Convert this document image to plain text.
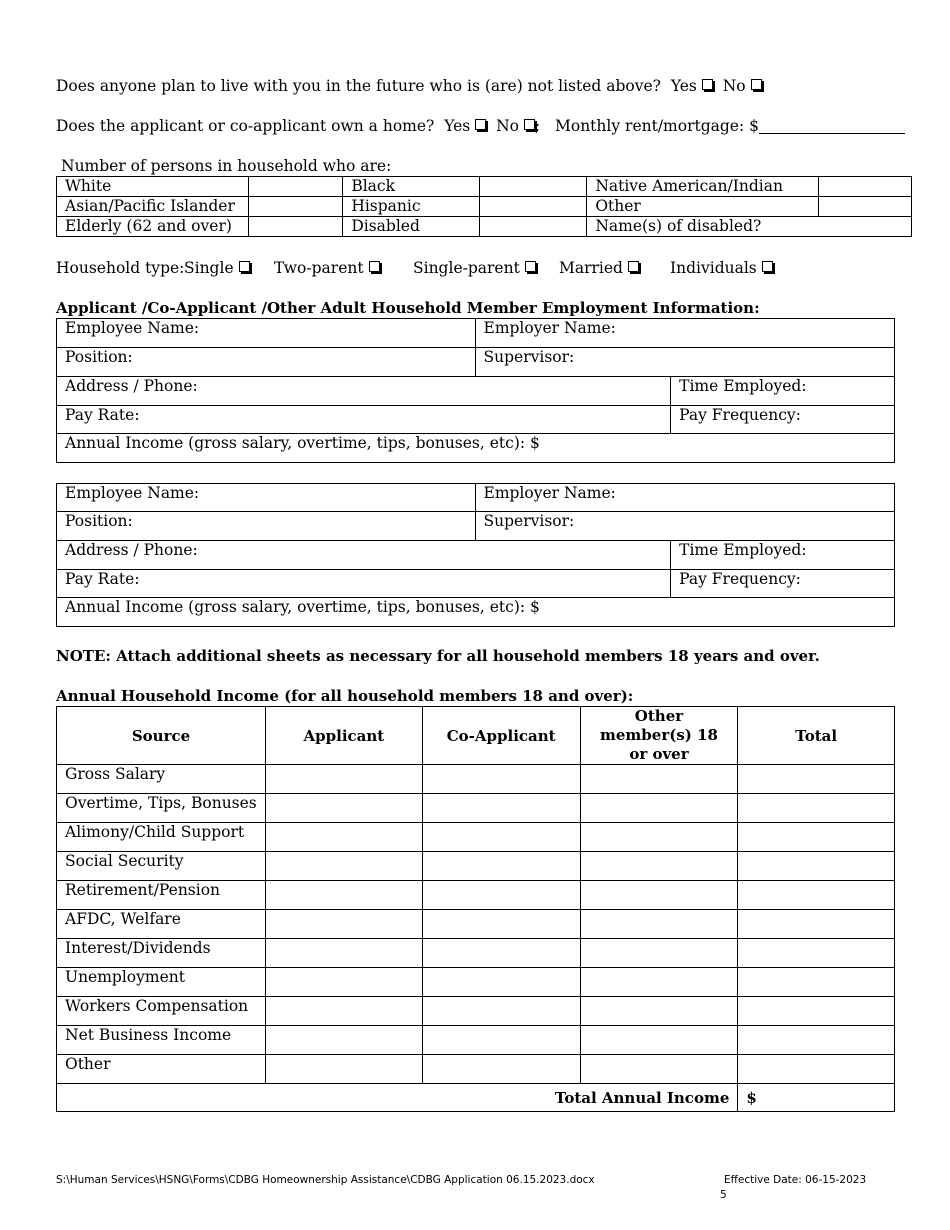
Does anyone plan to live with you in the future who is (are) not listed above? Yes No
Does the applicant or co-applicant own a home? Yes No ; Monthly rent/mortgage: $
Number of persons in household who are:
White		Black		Native American/Indian	
Asian/Pacific Islander		Hispanic		Other	
Elderly (62 and over)		Disabled		Name(s) of disabled?	
Household type: Single	Two-parent	Single-parent	Married	Individuals
Applicant /Co-Applicant /Other Adult Household Member Employment Information:
Employee Name:	Employer Name:	
Position:	Supervisor:	
Address / Phone:		Time Employed:
Pay Rate:		Pay Frequency:
Annual Income (gross salary, overtime, tips, bonuses, etc): $		
Employee Name:	Employer Name:	
Position:	Supervisor:	
Address / Phone:		Time Employed:
Pay Rate:		Pay Frequency:
Annual Income (gross salary, overtime, tips, bonuses, etc): $		
NOTE: Attach additional sheets as necessary for all household members 18 years and over.
Annual Household Income (for all household members 18 and over):
Source	Applicant	Co-Applicant	Other member(s) 18 or over	Total
Gross Salary				
Overtime, Tips, Bonuses				
Alimony/Child Support				
Social Security				
Retirement/Pension				
AFDC, Welfare				
Interest/Dividends				
Unemployment				
Workers Compensation				
Net Business Income				
Other				
Total Annual Income				$
S:\Human Services\HSNG\Forms\CDBG Homeownership Assistance\CDBG Application 06.15.2023.docx	Effective Date: 06-15-2023
5
